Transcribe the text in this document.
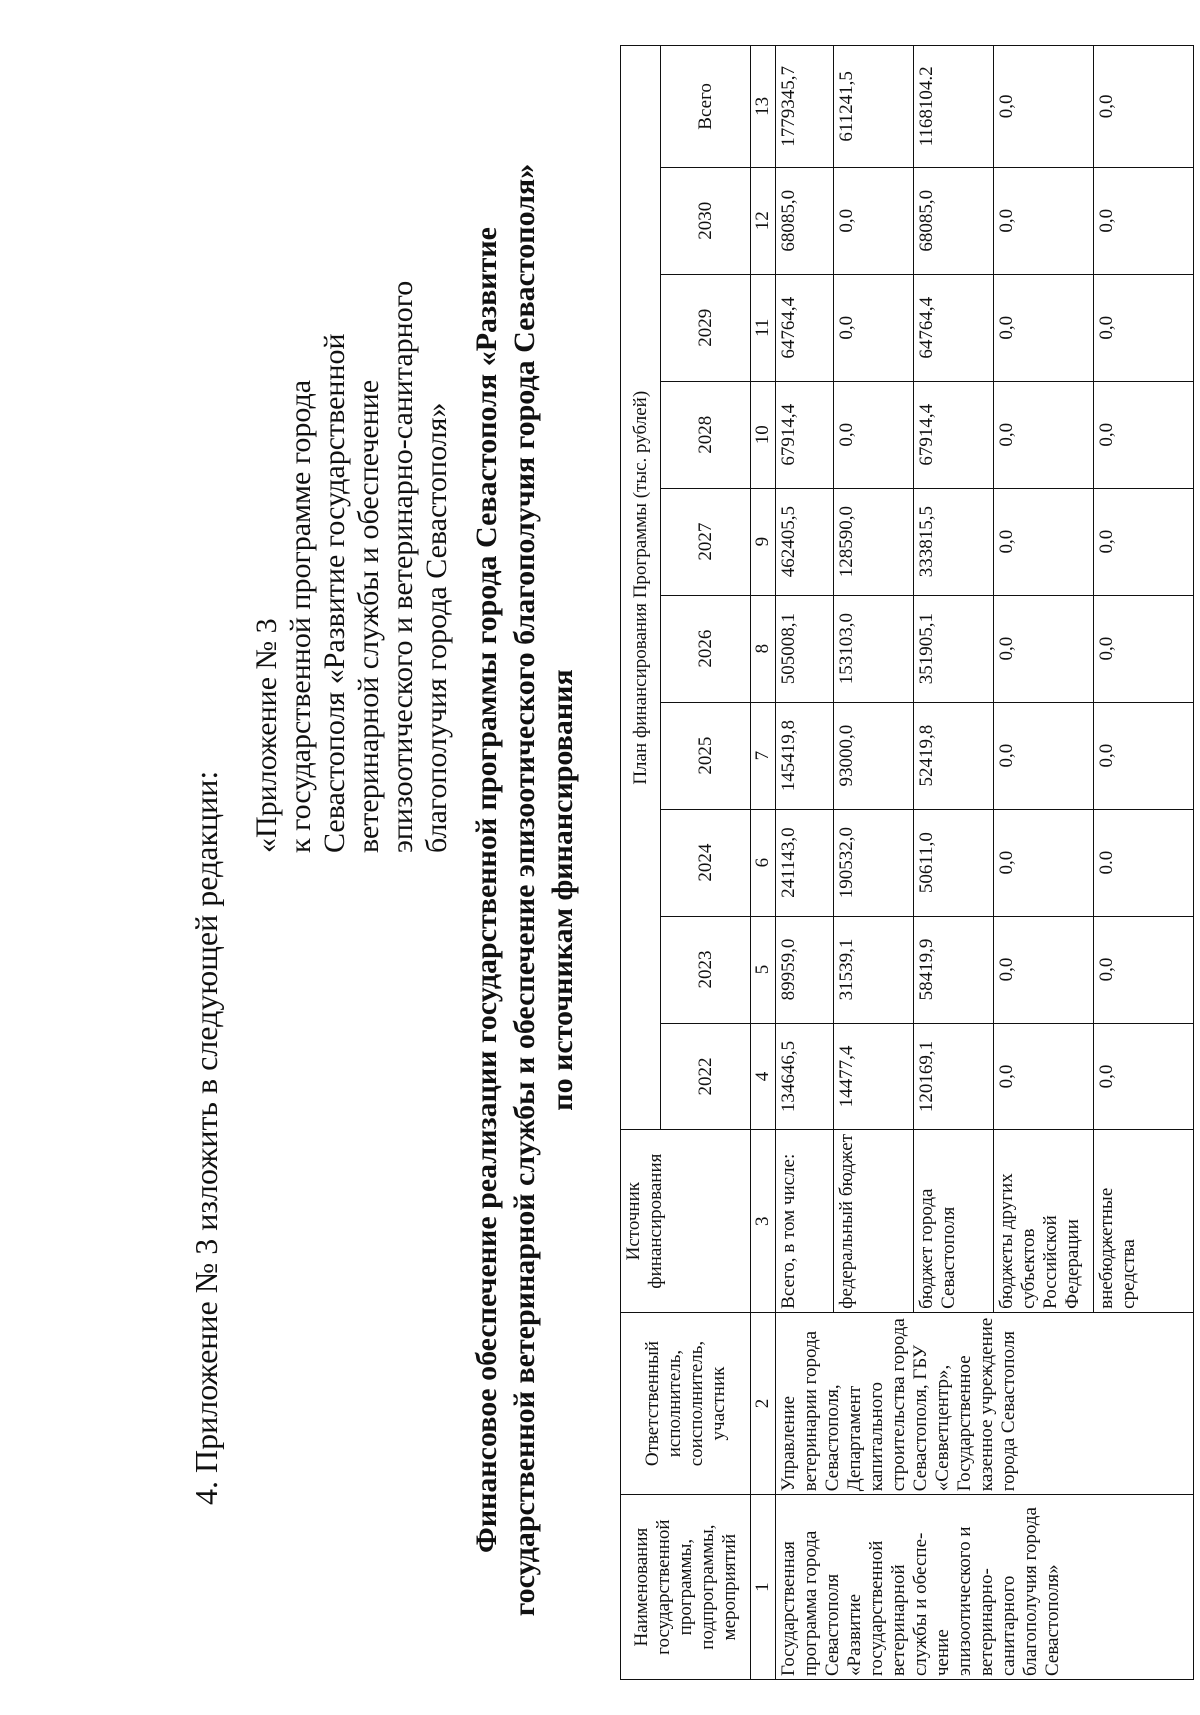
4. Приложение № 3 изложить в следующей редакции:
«Приложение № 3 к государственной программе города Севастополя «Развитие государственной ветеринарной службы и обеспечение эпизоотического и ветеринарно-санитарного благополучия города Севастополя» Финансовое обеспечение реализации государственной программы города Севастополя «Развитие государственной ветеринарной службы и обеспечение эпизоотического благополучия города Севастополя» по источникам финансирования
Наименования государственной программы, подпрограммы, мероприятий	Ответственный исполнитель, соисполнитель, участник	Источник финансирования	План финансирования Программы (тыс. рублей)									
			2022	2023	2024	2025	2026	2027	2028	2029	2030	Всего
1	2	3	4	5	6	7	8	9	10	11	12	13
Государственная программа города Севастополя «Развитие государственной ветеринарной службы и обеспе-чение эпизоотического и ветеринарно-санитарного благополучия города Севастополя»	Управление ветеринарии города Севастополя, Департамент капитального строительства города Севастополя, ГБУ «Севветцентр», Государственное казенное учреждение города Севастополя	Всего, в том числе:	134646,5	89959,0	241143,0	145419,8	505008,1	462405,5	67914,4	64764,4	68085,0	1779345,7
		федеральный бюджет	14477,4	31539,1	190532,0	93000,0	153103,0	128590,0	0,0	0,0	0,0	611241,5
		бюджет города Севастополя	120169,1	58419,9	50611,0	52419,8	351905,1	333815,5	67914,4	64764,4	68085,0	1168104.2
		бюджеты других субъектов Российской Федерации	0,0	0,0	0,0	0,0	0,0	0,0	0,0	0,0	0,0	0,0
		внебюджетные средства	0,0	0,0	0.0	0,0	0,0	0,0	0,0	0,0	0,0	0,0
